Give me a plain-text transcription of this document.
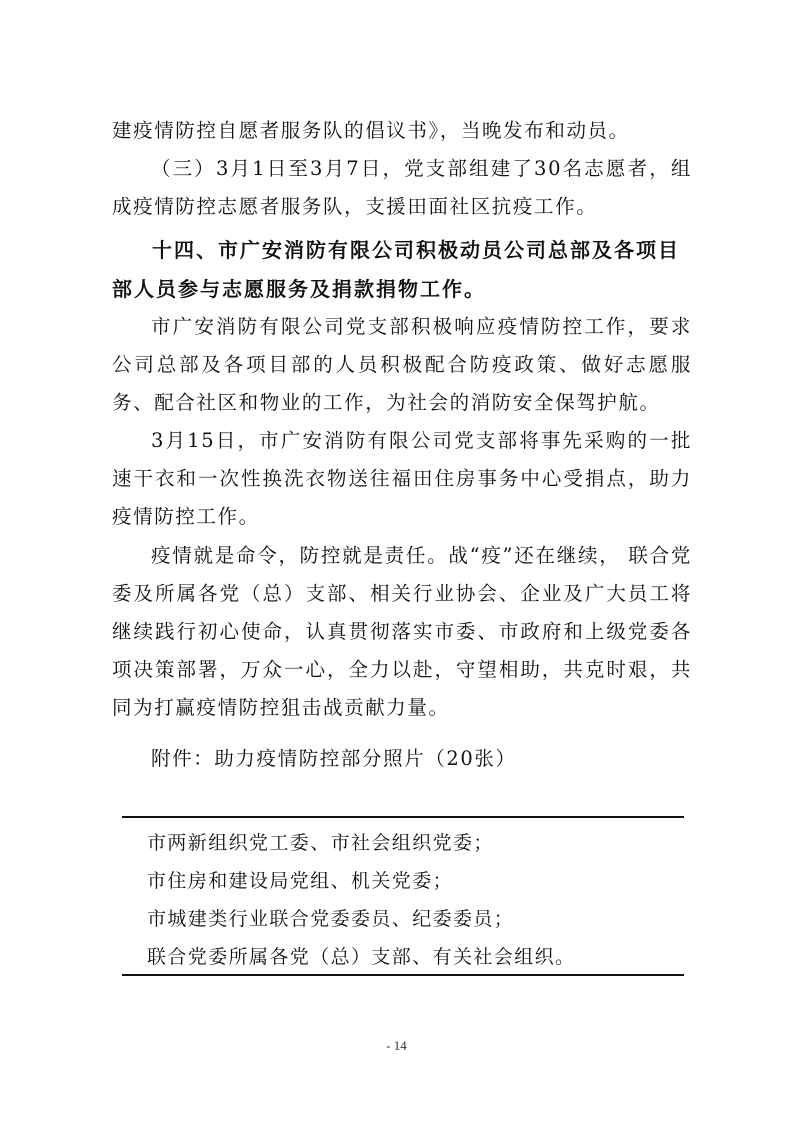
建疫情防控自愿者服务队的倡议书》，当晚发布和动员。
（三）3月1日至3月7日，党支部组建了30名志愿者，组成疫情防控志愿者服务队，支援田面社区抗疫工作。
十四、市广安消防有限公司积极动员公司总部及各项目部人员参与志愿服务及捐款捐物工作。
市广安消防有限公司党支部积极响应疫情防控工作，要求公司总部及各项目部的人员积极配合防疫政策、做好志愿服务、配合社区和物业的工作，为社会的消防安全保驾护航。
3月15日，市广安消防有限公司党支部将事先采购的一批速干衣和一次性换洗衣物送往福田住房事务中心受捐点，助力疫情防控工作。
疫情就是命令，防控就是责任。战“疫”还在继续， 联合党委及所属各党（总）支部、相关行业协会、企业及广大员工将继续践行初心使命，认真贯彻落实市委、市政府和上级党委各项决策部署，万众一心，全力以赴，守望相助，共克时艰，共同为打赢疫情防控狙击战贡献力量。
附件：助力疫情防控部分照片（20张）
市两新组织党工委、市社会组织党委；
市住房和建设局党组、机关党委；
市城建类行业联合党委委员、纪委委员；
联合党委所属各党（总）支部、有关社会组织。
- 14
